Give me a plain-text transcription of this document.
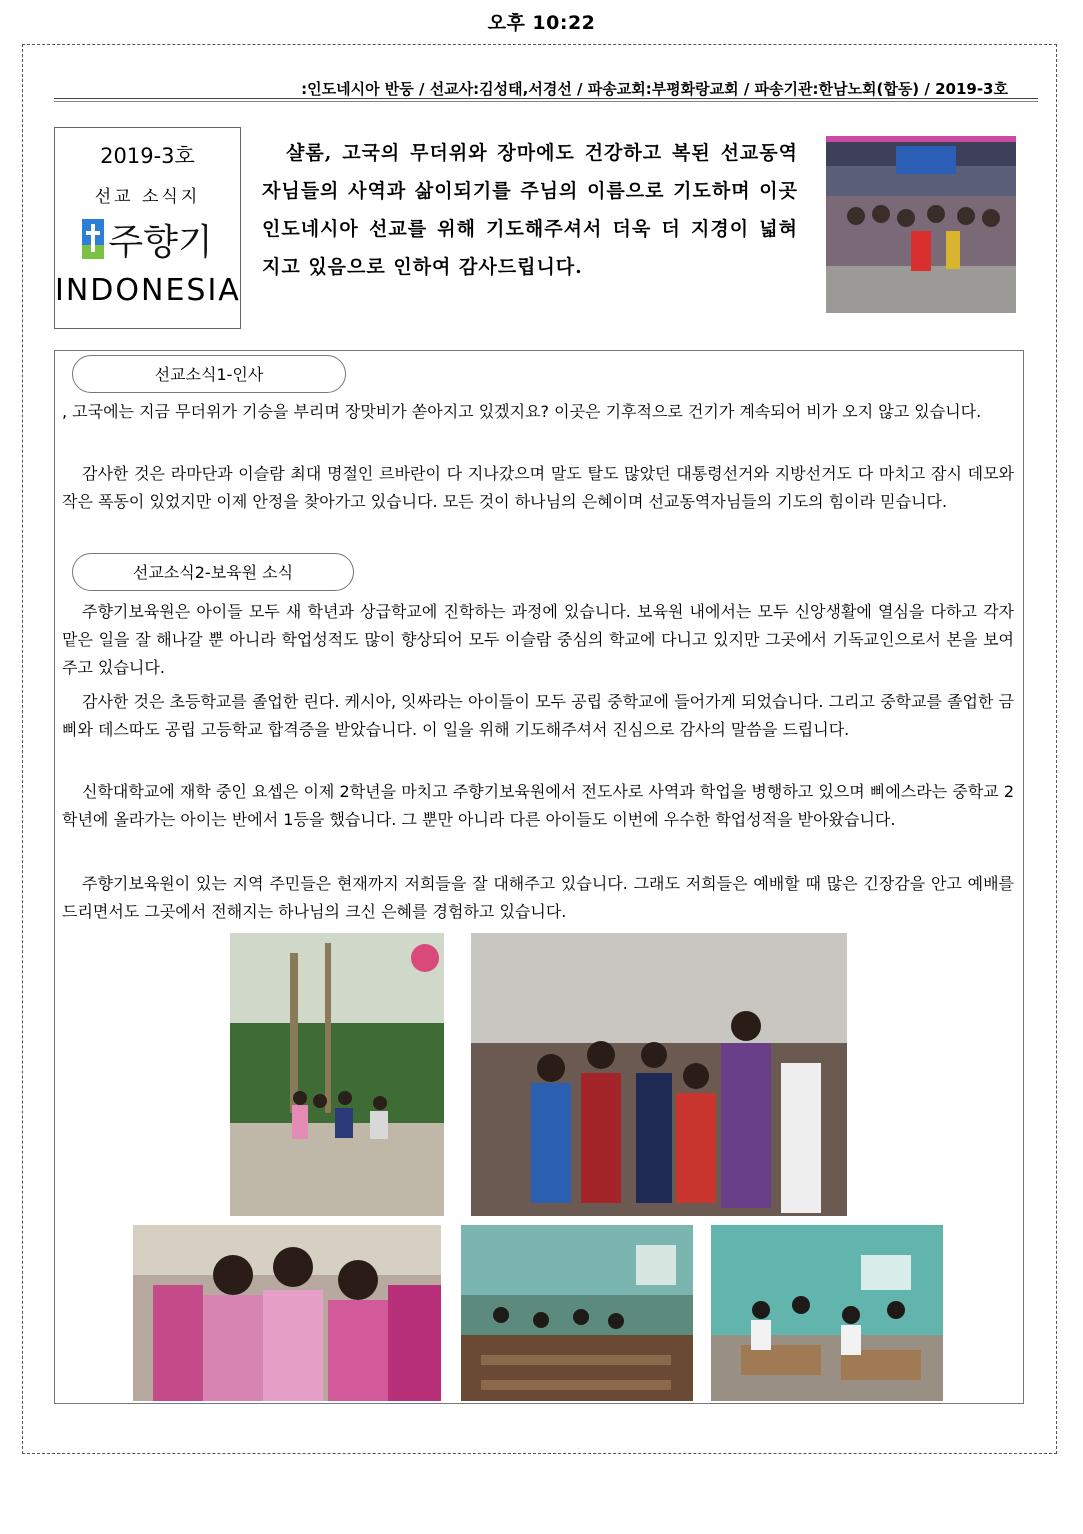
오후 10:22
:인도네시아 반둥 / 선교사:김성태,서경선 / 파송교회:부평화랑교회 / 파송기관:한남노회(합동) / 2019-3호
2019-3호
선교 소식지
주향기
INDONESIA
샬롬, 고국의 무더위와 장마에도 건강하고 복된 선교동역자님들의 사역과 삶이되기를 주님의 이름으로 기도하며 이곳 인도네시아 선교를 위해 기도해주셔서 더욱 더 지경이 넓혀지고 있음으로 인하여 감사드립니다.
선교소식1-인사
, 고국에는 지금 무더위가 기승을 부리며 장맛비가 쏟아지고 있겠지요? 이곳은 기후적으로 건기가 계속되어 비가 오지 않고 있습니다.
감사한 것은 라마단과 이슬람 최대 명절인 르바란이 다 지나갔으며 말도 탈도 많았던 대통령선거와 지방선거도 다 마치고 잠시 데모와 작은 폭동이 있었지만 이제 안정을 찾아가고 있습니다. 모든 것이 하나님의 은혜이며 선교동역자님들의 기도의 힘이라 믿습니다.
선교소식2-보육원 소식
주향기보육원은 아이들 모두 새 학년과 상급학교에 진학하는 과정에 있습니다. 보육원 내에서는 모두 신앙생활에 열심을 다하고 각자 맡은 일을 잘 해나갈 뿐 아니라 학업성적도 많이 향상되어 모두 이슬람 중심의 학교에 다니고 있지만 그곳에서 기독교인으로서 본을 보여주고 있습니다.
감사한 것은 초등학교를 졸업한 린다. 케시아, 잇싸라는 아이들이 모두 공립 중학교에 들어가게 되었습니다. 그리고 중학교를 졸업한 금삐와 데스따도 공립 고등학교 합격증을 받았습니다. 이 일을 위해 기도해주셔서 진심으로 감사의 말씀을 드립니다.
신학대학교에 재학 중인 요셉은 이제 2학년을 마치고 주향기보육원에서 전도사로 사역과 학업을 병행하고 있으며 삐에스라는 중학교 2학년에 올라가는 아이는 반에서 1등을 했습니다. 그 뿐만 아니라 다른 아이들도 이번에 우수한 학업성적을 받아왔습니다.
주향기보육원이 있는 지역 주민들은 현재까지 저희들을 잘 대해주고 있습니다. 그래도 저희들은 예배할 때 많은 긴장감을 안고 예배를 드리면서도 그곳에서 전해지는 하나님의 크신 은혜를 경험하고 있습니다.
